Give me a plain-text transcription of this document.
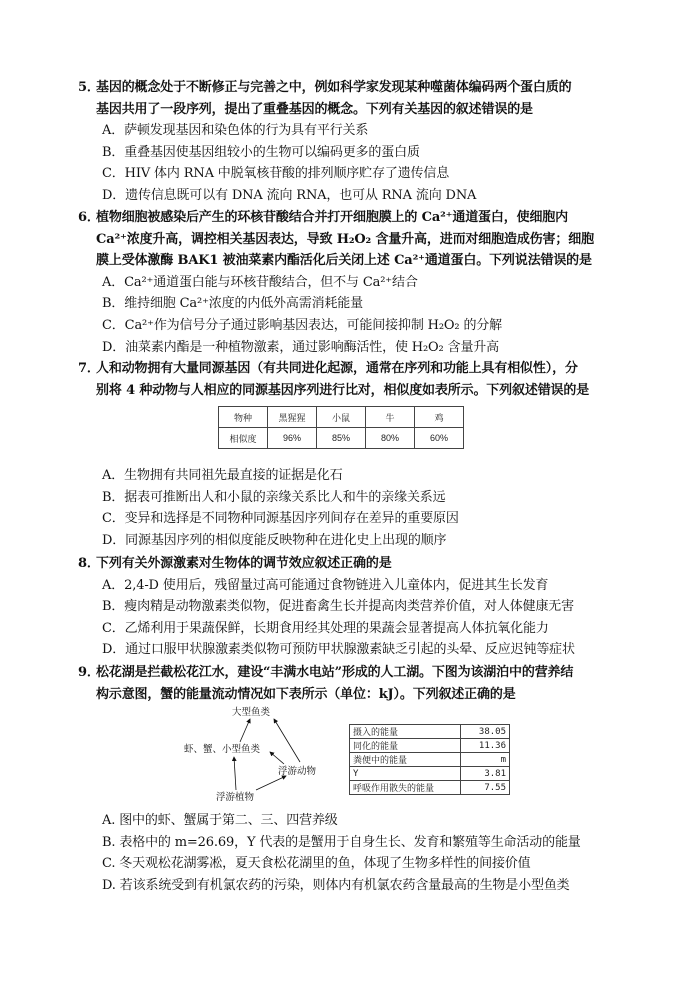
5．基因的概念处于不断修正与完善之中，例如科学家发现某种噬菌体编码两个蛋白质的
基因共用了一段序列，提出了重叠基因的概念。下列有关基因的叙述错误的是
A．萨顿发现基因和染色体的行为具有平行关系
B．重叠基因使基因组较小的生物可以编码更多的蛋白质
C．HIV 体内 RNA 中脱氧核苷酸的排列顺序贮存了遗传信息
D．遗传信息既可以有 DNA 流向 RNA，也可从 RNA 流向 DNA
6．植物细胞被感染后产生的环核苷酸结合并打开细胞膜上的 Ca²⁺通道蛋白，使细胞内
Ca²⁺浓度升高，调控相关基因表达，导致 H₂O₂ 含量升高，进而对细胞造成伤害；细胞
膜上受体激酶 BAK1 被油菜素内酯活化后关闭上述 Ca²⁺通道蛋白。下列说法错误的是
A．Ca²⁺通道蛋白能与环核苷酸结合，但不与 Ca²⁺结合
B．维持细胞 Ca²⁺浓度的内低外高需消耗能量
C．Ca²⁺作为信号分子通过影响基因表达，可能间接抑制 H₂O₂ 的分解
D．油菜素内酯是一种植物激素，通过影响酶活性，使 H₂O₂ 含量升高
7．人和动物拥有大量同源基因（有共同进化起源，通常在序列和功能上具有相似性），分
别将 4 种动物与人相应的同源基因序列进行比对，相似度如表所示。下列叙述错误的是
物种	黑猩猩	小鼠	牛	鸡
相似度	96%	85%	80%	60%
A．生物拥有共同祖先最直接的证据是化石
B．据表可推断出人和小鼠的亲缘关系比人和牛的亲缘关系远
C．变异和选择是不同物种同源基因序列间存在差异的重要原因
D．同源基因序列的相似度能反映物种在进化史上出现的顺序
8．下列有关外源激素对生物体的调节效应叙述正确的是
A．2,4-D 使用后，残留量过高可能通过食物链进入儿童体内，促进其生长发育
B．瘦肉精是动物激素类似物，促进畜禽生长并提高肉类营养价值，对人体健康无害
C．乙烯利用于果蔬保鲜，长期食用经其处理的果蔬会显著提高人体抗氧化能力
D．通过口服甲状腺激素类似物可预防甲状腺激素缺乏引起的头晕、反应迟钝等症状
9．松花湖是拦截松花江水，建设“丰满水电站”形成的人工湖。下图为该湖泊中的营养结
构示意图，蟹的能量流动情况如下表所示（单位：kJ）。下列叙述正确的是
大型鱼类
虾、蟹、小型鱼类
浮游动物
浮游植物
摄入的能量	38.05
同化的能量	11.36
粪便中的能量	m
Y	3.81
呼吸作用散失的能量	7.55
A. 图中的虾、蟹属于第二、三、四营养级
B. 表格中的 m=26.69，Y 代表的是蟹用于自身生长、发育和繁殖等生命活动的能量
C. 冬天观松花湖雾凇，夏天食松花湖里的鱼，体现了生物多样性的间接价值
D. 若该系统受到有机氯农药的污染，则体内有机氯农药含量最高的生物是小型鱼类
